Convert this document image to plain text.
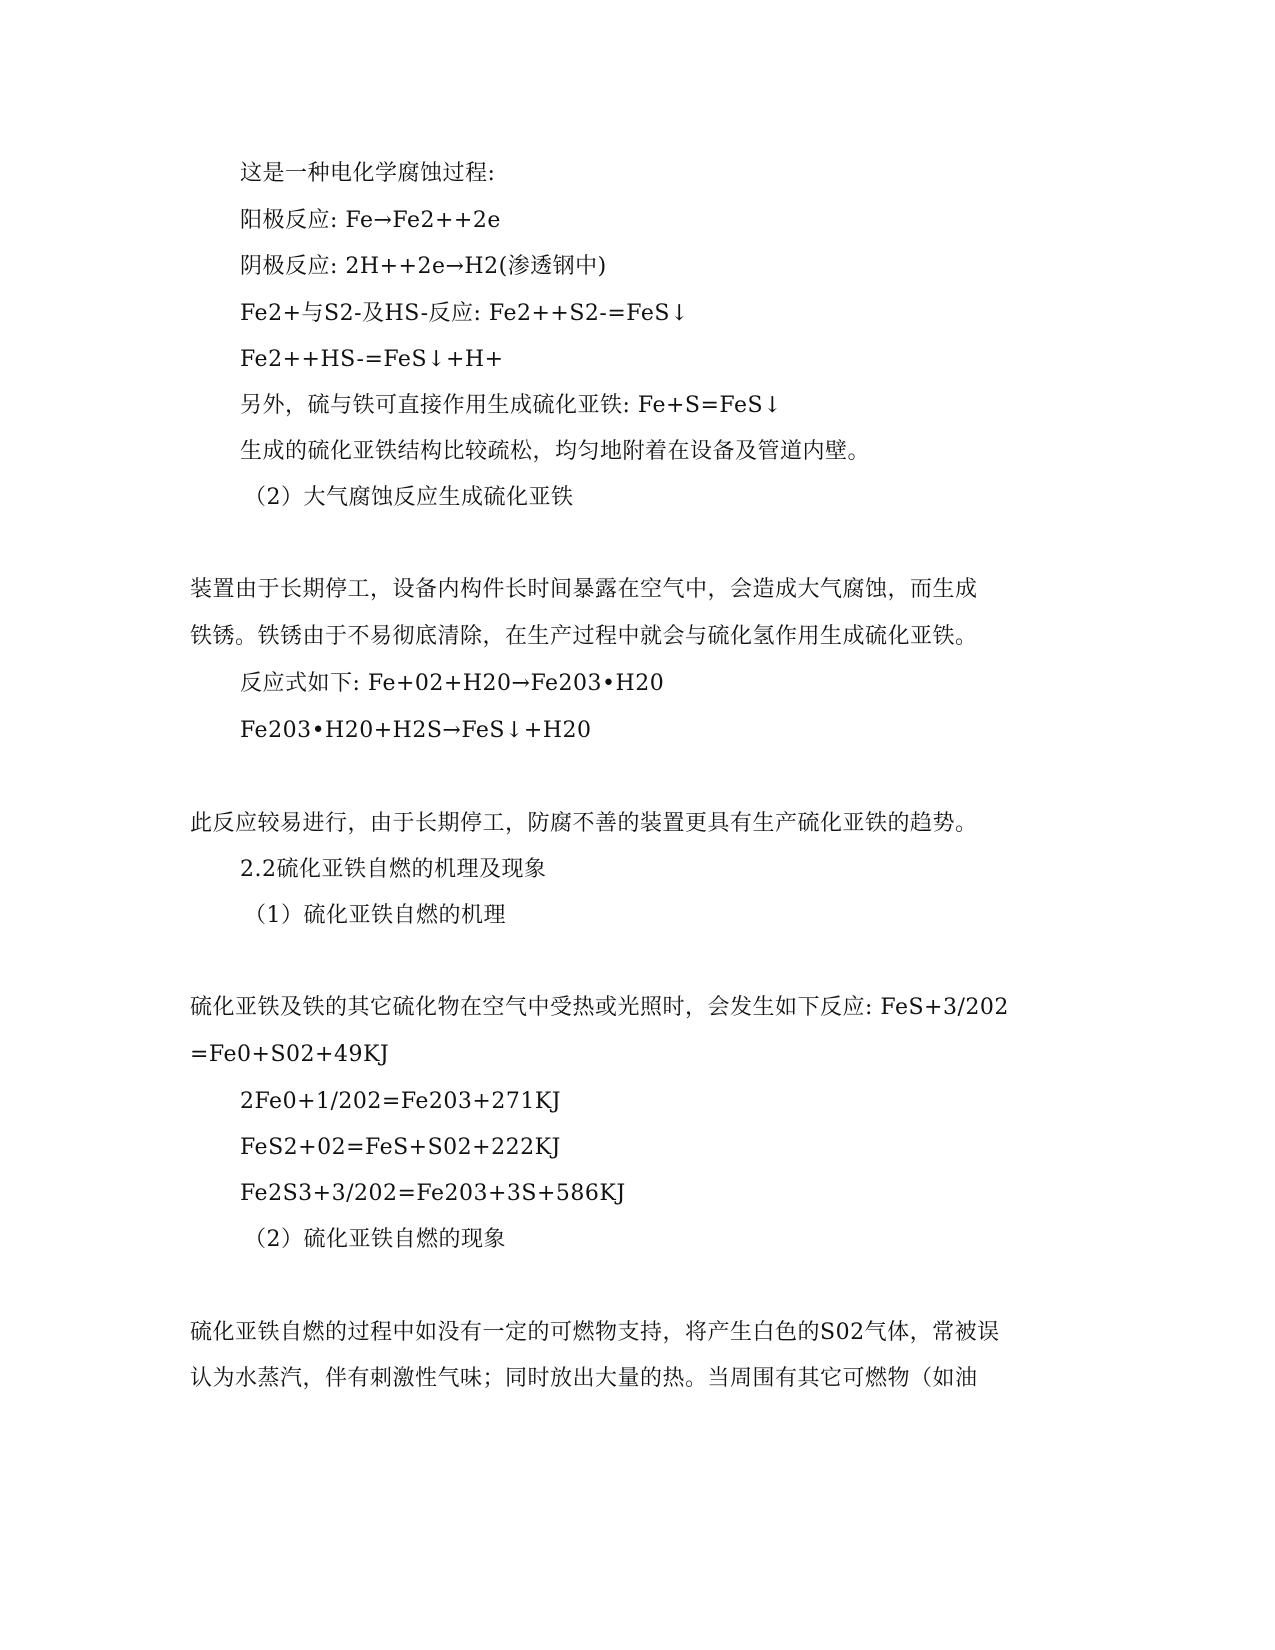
这是一种电化学腐蚀过程:
阳极反应: Fe→Fe2++2e
阴极反应: 2H++2e→H2(渗透钢中)
Fe2+与S2-及HS-反应: Fe2++S2-=FeS↓
Fe2++HS-=FeS↓+H+
另外，硫与铁可直接作用生成硫化亚铁: Fe+S=FeS↓
生成的硫化亚铁结构比较疏松，均匀地附着在设备及管道内壁。
（2）大气腐蚀反应生成硫化亚铁
装置由于长期停工，设备内构件长时间暴露在空气中，会造成大气腐蚀，而生成
铁锈。铁锈由于不易彻底清除，在生产过程中就会与硫化氢作用生成硫化亚铁。
反应式如下: Fe+02+H20→Fe203•H20
Fe203•H20+H2S→FeS↓+H20
此反应较易进行，由于长期停工，防腐不善的装置更具有生产硫化亚铁的趋势。
2.2硫化亚铁自燃的机理及现象
（1）硫化亚铁自燃的机理
硫化亚铁及铁的其它硫化物在空气中受热或光照时，会发生如下反应: FeS+3/202
=Fe0+S02+49KJ
2Fe0+1/202=Fe203+271KJ
FeS2+02=FeS+S02+222KJ
Fe2S3+3/202=Fe203+3S+586KJ
（2）硫化亚铁自燃的现象
硫化亚铁自燃的过程中如没有一定的可燃物支持，将产生白色的S02气体，常被误
认为水蒸汽，伴有刺激性气味；同时放出大量的热。当周围有其它可燃物（如油
